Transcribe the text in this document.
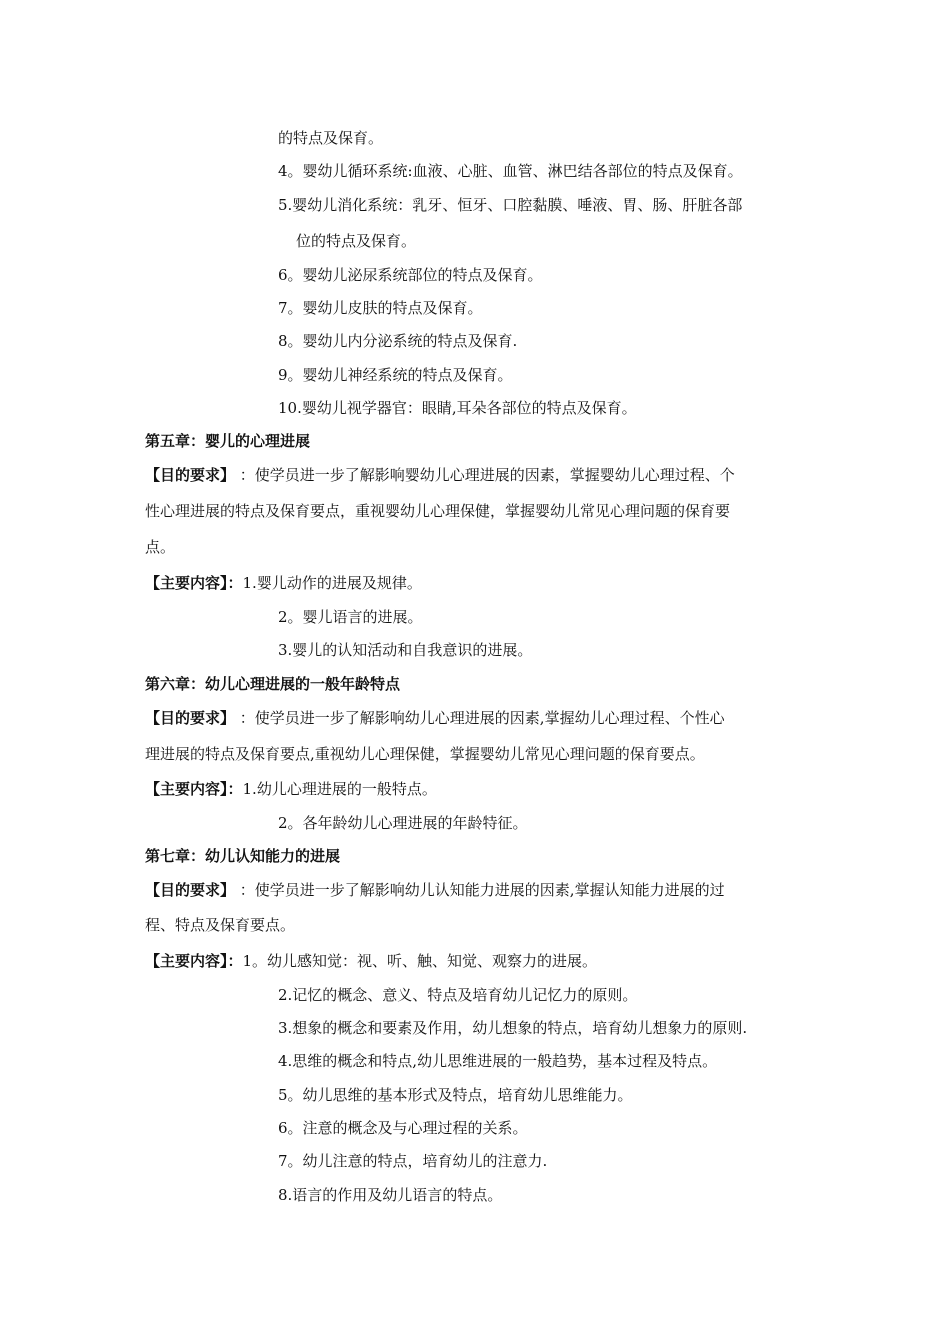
的特点及保育。
4。婴幼儿循环系统:血液、心脏、血管、淋巴结各部位的特点及保育。
5.婴幼儿消化系统：乳牙、恒牙、口腔黏膜、唾液、胃、肠、肝脏各部
位的特点及保育。
6。婴幼儿泌尿系统部位的特点及保育。
7。婴幼儿皮肤的特点及保育。
8。婴幼儿内分泌系统的特点及保育.
9。婴幼儿神经系统的特点及保育。
10.婴幼儿视学器官：眼睛,耳朵各部位的特点及保育。
第五章：婴儿的心理进展
【目的要求】 ：使学员进一步了解影响婴幼儿心理进展的因素，掌握婴幼儿心理过程、个
性心理进展的特点及保育要点，重视婴幼儿心理保健，掌握婴幼儿常见心理问题的保育要
点。
【主要内容】：1.婴儿动作的进展及规律。
2。婴儿语言的进展。
3.婴儿的认知活动和自我意识的进展。
第六章：幼儿心理进展的一般年龄特点
【目的要求】 ：使学员进一步了解影响幼儿心理进展的因素,掌握幼儿心理过程、个性心
理进展的特点及保育要点,重视幼儿心理保健，掌握婴幼儿常见心理问题的保育要点。
【主要内容】：1.幼儿心理进展的一般特点。
2。各年龄幼儿心理进展的年龄特征。
第七章：幼儿认知能力的进展
【目的要求】 ：使学员进一步了解影响幼儿认知能力进展的因素,掌握认知能力进展的过
程、特点及保育要点。
【主要内容】：1。幼儿感知觉：视、听、触、知觉、观察力的进展。
2.记忆的概念、意义、特点及培育幼儿记忆力的原则。
3.想象的概念和要素及作用，幼儿想象的特点，培育幼儿想象力的原则.
4.思维的概念和特点,幼儿思维进展的一般趋势，基本过程及特点。
5。幼儿思维的基本形式及特点，培育幼儿思维能力。
6。注意的概念及与心理过程的关系。
7。幼儿注意的特点，培育幼儿的注意力.
8.语言的作用及幼儿语言的特点。
